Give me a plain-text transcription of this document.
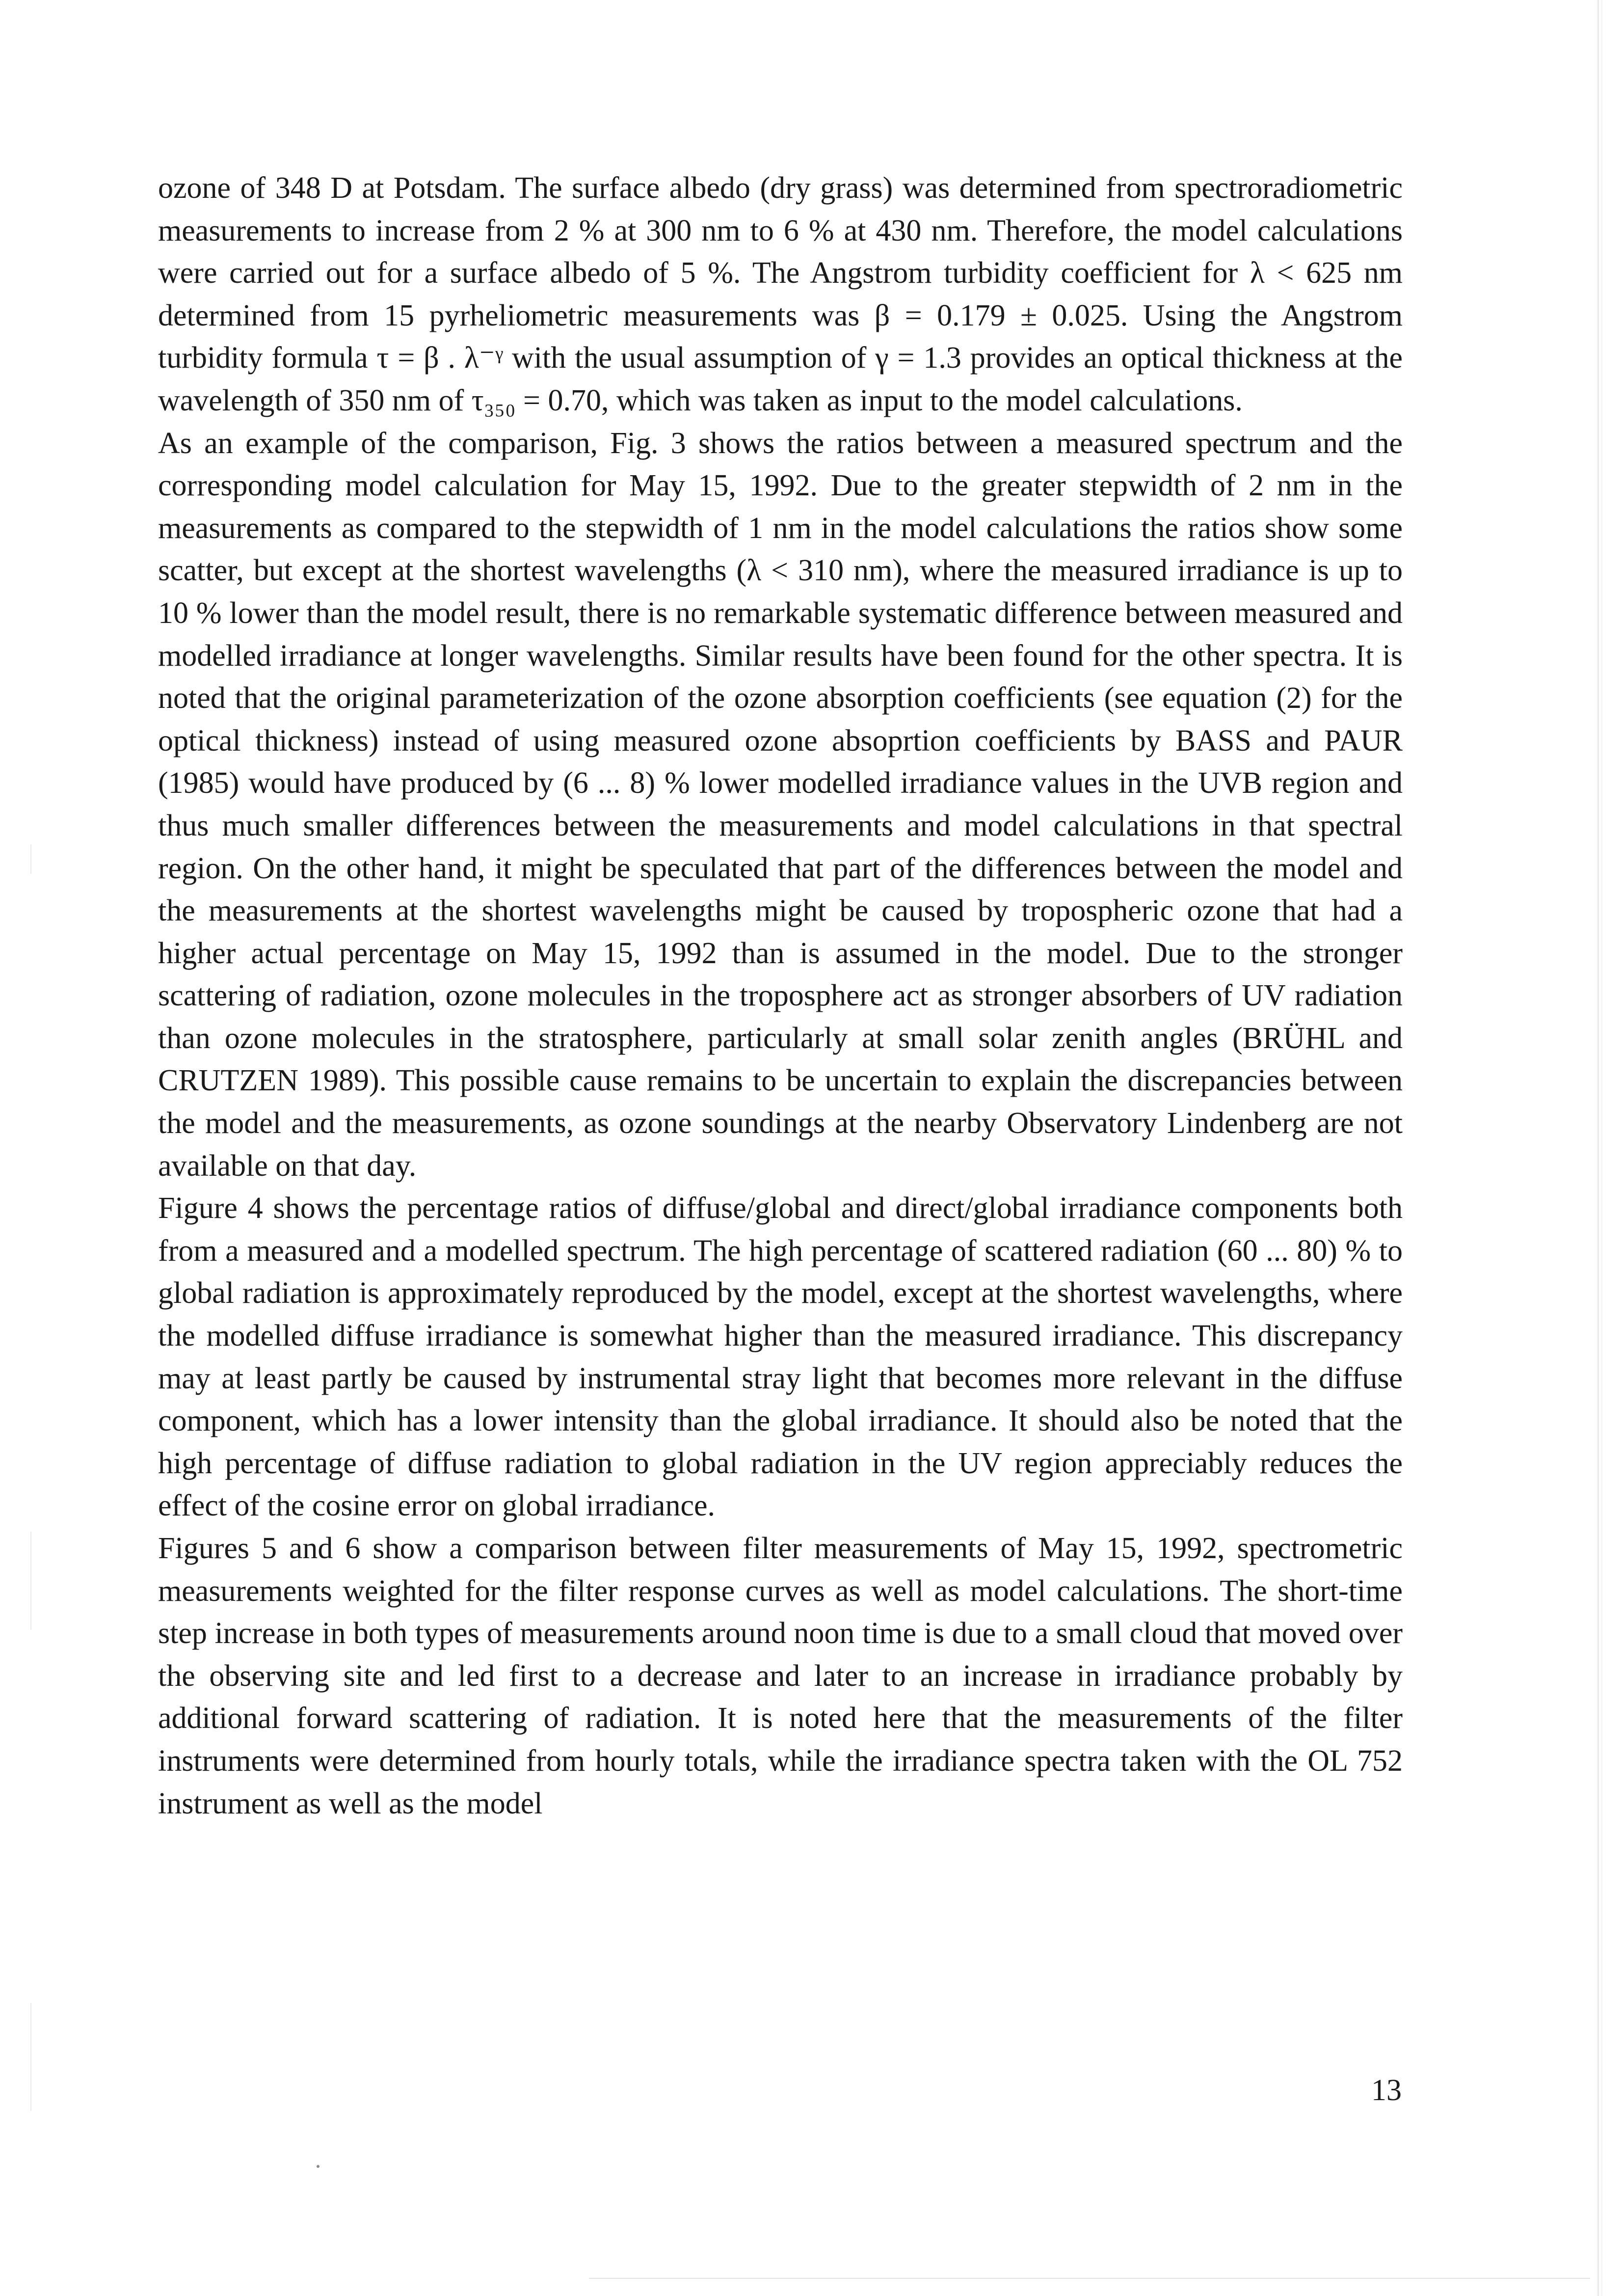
ozone of 348 D at Potsdam. The surface albedo (dry grass) was determined from spectroradiometric measurements to increase from 2 % at 300 nm to 6 % at 430 nm. Therefore, the model calculations were carried out for a surface albedo of 5 %. The Angstrom turbidity coefficient for λ < 625 nm determined from 15 pyrheliometric measurements was β = 0.179 ± 0.025. Using the Angstrom turbidity formula τ = β . λ⁻ᵞ with the usual assumption of γ = 1.3 provides an optical thickness at the wavelength of 350 nm of τ₃₅₀ = 0.70, which was taken as input to the model calculations.

As an example of the comparison, Fig. 3 shows the ratios between a measured spectrum and the corresponding model calculation for May 15, 1992. Due to the greater stepwidth of 2 nm in the measurements as compared to the stepwidth of 1 nm in the model calculations the ratios show some scatter, but except at the shortest wavelengths (λ < 310 nm), where the measured irradiance is up to 10 % lower than the model result, there is no remarkable systematic difference between measured and modelled irradiance at longer wavelengths. Similar results have been found for the other spectra. It is noted that the original parameterization of the ozone absorption coefficients (see equation (2) for the optical thickness) instead of using measured ozone absoprtion coefficients by BASS and PAUR (1985) would have produced by (6 ... 8) % lower modelled irradiance values in the UVB region and thus much smaller differences between the measurements and model calculations in that spectral region. On the other hand, it might be speculated that part of the differences between the model and the measurements at the shortest wavelengths might be caused by tropospheric ozone that had a higher actual percentage on May 15, 1992 than is assumed in the model. Due to the stronger scattering of radiation, ozone molecules in the troposphere act as stronger absorbers of UV radiation than ozone molecules in the stratosphere, particularly at small solar zenith angles (BRÜHL and CRUTZEN 1989). This possible cause remains to be uncertain to explain the discrepancies between the model and the measurements, as ozone soundings at the nearby Observatory Lindenberg are not available on that day.

Figure 4 shows the percentage ratios of diffuse/global and direct/global irradiance components both from a measured and a modelled spectrum. The high percentage of scattered radiation (60 ... 80) % to global radiation is approximately reproduced by the model, except at the shortest wavelengths, where the modelled diffuse irradiance is somewhat higher than the measured irradiance. This discrepancy may at least partly be caused by instrumental stray light that becomes more relevant in the diffuse component, which has a lower intensity than the global irradiance. It should also be noted that the high percentage of diffuse radiation to global radiation in the UV region appreciably reduces the effect of the cosine error on global irradiance.

Figures 5 and 6 show a comparison between filter measurements of May 15, 1992, spectrometric measurements weighted for the filter response curves as well as model calculations. The short-time step increase in both types of measurements around noon time is due to a small cloud that moved over the observing site and led first to a decrease and later to an increase in irradiance probably by additional forward scattering of radiation. It is noted here that the measurements of the filter instruments were determined from hourly totals, while the irradiance spectra taken with the OL 752 instrument as well as the model

13
